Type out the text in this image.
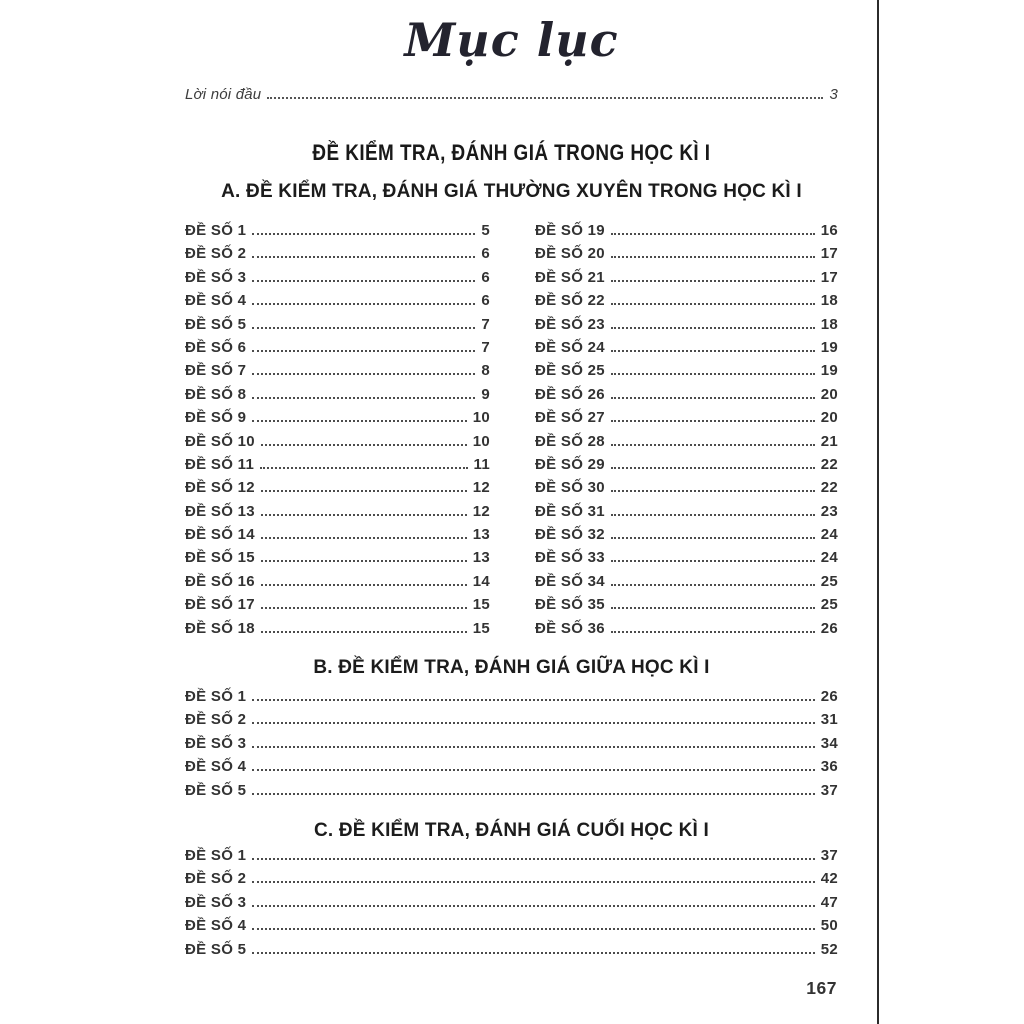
Mục lục
Lời nói đầu	3
ĐỀ KIỂM TRA, ĐÁNH GIÁ TRONG HỌC KÌ I
A. ĐỀ KIỂM TRA, ĐÁNH GIÁ THƯỜNG XUYÊN TRONG HỌC KÌ I
ĐỀ SỐ 1	5
ĐỀ SỐ 2	6
ĐỀ SỐ 3	6
ĐỀ SỐ 4	6
ĐỀ SỐ 5	7
ĐỀ SỐ 6	7
ĐỀ SỐ 7	8
ĐỀ SỐ 8	9
ĐỀ SỐ 9	10
ĐỀ SỐ 10	10
ĐỀ SỐ 11	11
ĐỀ SỐ 12	12
ĐỀ SỐ 13	12
ĐỀ SỐ 14	13
ĐỀ SỐ 15	13
ĐỀ SỐ 16	14
ĐỀ SỐ 17	15
ĐỀ SỐ 18	15
ĐỀ SỐ 19	16
ĐỀ SỐ 20	17
ĐỀ SỐ 21	17
ĐỀ SỐ 22	18
ĐỀ SỐ 23	18
ĐỀ SỐ 24	19
ĐỀ SỐ 25	19
ĐỀ SỐ 26	20
ĐỀ SỐ 27	20
ĐỀ SỐ 28	21
ĐỀ SỐ 29	22
ĐỀ SỐ 30	22
ĐỀ SỐ 31	23
ĐỀ SỐ 32	24
ĐỀ SỐ 33	24
ĐỀ SỐ 34	25
ĐỀ SỐ 35	25
ĐỀ SỐ 36	26
B. ĐỀ KIỂM TRA, ĐÁNH GIÁ GIỮA HỌC KÌ I
ĐỀ SỐ 1	26
ĐỀ SỐ 2	31
ĐỀ SỐ 3	34
ĐỀ SỐ 4	36
ĐỀ SỐ 5	37
C. ĐỀ KIỂM TRA, ĐÁNH GIÁ CUỐI HỌC KÌ I
ĐỀ SỐ 1	37
ĐỀ SỐ 2	42
ĐỀ SỐ 3	47
ĐỀ SỐ 4	50
ĐỀ SỐ 5	52
167
